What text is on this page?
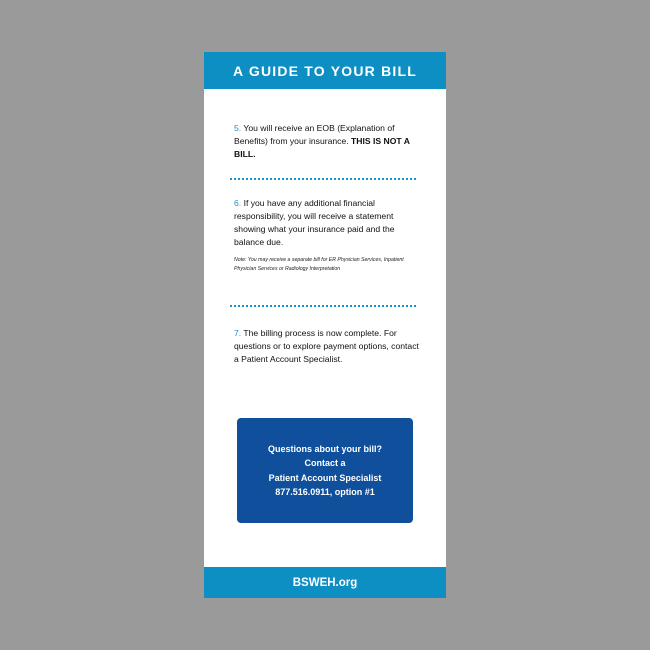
A GUIDE TO YOUR BILL
5. You will receive an EOB (Explanation of Benefits) from your insurance. THIS IS NOT A BILL.
6. If you have any additional financial responsibility, you will receive a statement showing what your insurance paid and the balance due.
Note: You may receive a separate bill for ER Physician Services, Inpatient Physician Services or Radiology Interpretation
7. The billing process is now complete. For questions or to explore payment options, contact a Patient Account Specialist.
Questions about your bill?
Contact a
Patient Account Specialist
877.516.0911, option #1
BSWEH.org
